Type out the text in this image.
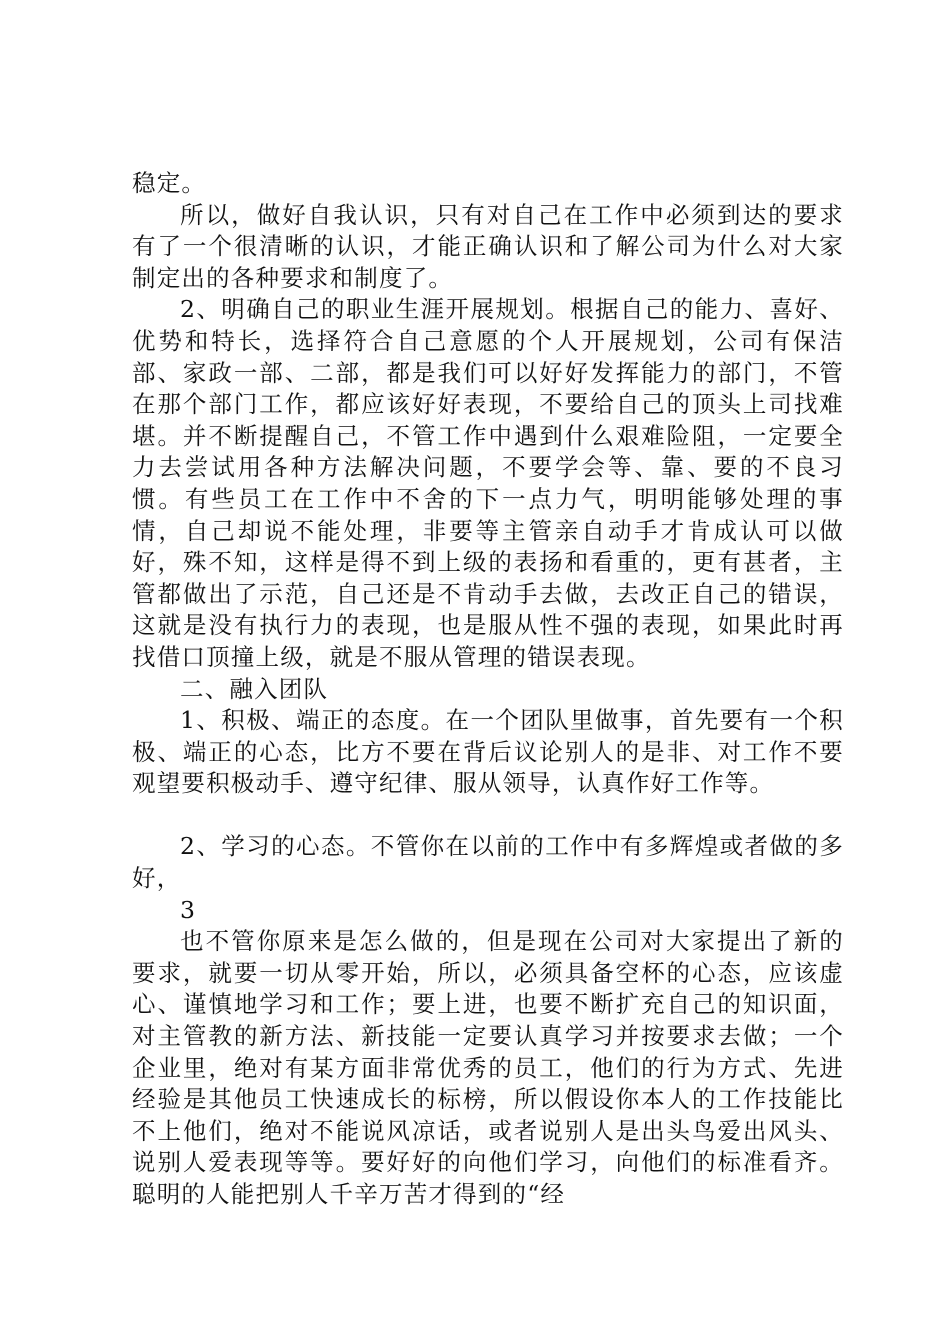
稳定。

所以，做好自我认识，只有对自己在工作中必须到达的要求有了一个很清晰的认识，才能正确认识和了解公司为什么对大家制定出的各种要求和制度了。

2、明确自己的职业生涯开展规划。根据自己的能力、喜好、优势和特长，选择符合自己意愿的个人开展规划，公司有保洁部、家政一部、二部，都是我们可以好好发挥能力的部门，不管在那个部门工作，都应该好好表现，不要给自己的顶头上司找难堪。并不断提醒自己，不管工作中遇到什么艰难险阻，一定要全力去尝试用各种方法解决问题，不要学会等、靠、要的不良习惯。有些员工在工作中不舍的下一点力气，明明能够处理的事情，自己却说不能处理，非要等主管亲自动手才肯成认可以做好，殊不知，这样是得不到上级的表扬和看重的，更有甚者，主管都做出了示范，自己还是不肯动手去做，去改正自己的错误，这就是没有执行力的表现，也是服从性不强的表现，如果此时再找借口顶撞上级，就是不服从管理的错误表现。

二、融入团队

1、积极、端正的态度。在一个团队里做事，首先要有一个积极、端正的心态，比方不要在背后议论别人的是非、对工作不要观望要积极动手、遵守纪律、服从领导，认真作好工作等。

2、学习的心态。不管你在以前的工作中有多辉煌或者做的多好，

3

也不管你原来是怎么做的，但是现在公司对大家提出了新的要求，就要一切从零开始，所以，必须具备空杯的心态，应该虚心、谨慎地学习和工作；要上进，也要不断扩充自己的知识面，对主管教的新方法、新技能一定要认真学习并按要求去做；一个企业里，绝对有某方面非常优秀的员工，他们的行为方式、先进经验是其他员工快速成长的标榜，所以假设你本人的工作技能比不上他们，绝对不能说风凉话，或者说别人是出头鸟爱出风头、说别人爱表现等等。要好好的向他们学习，向他们的标准看齐。聪明的人能把别人千辛万苦才得到的“经
